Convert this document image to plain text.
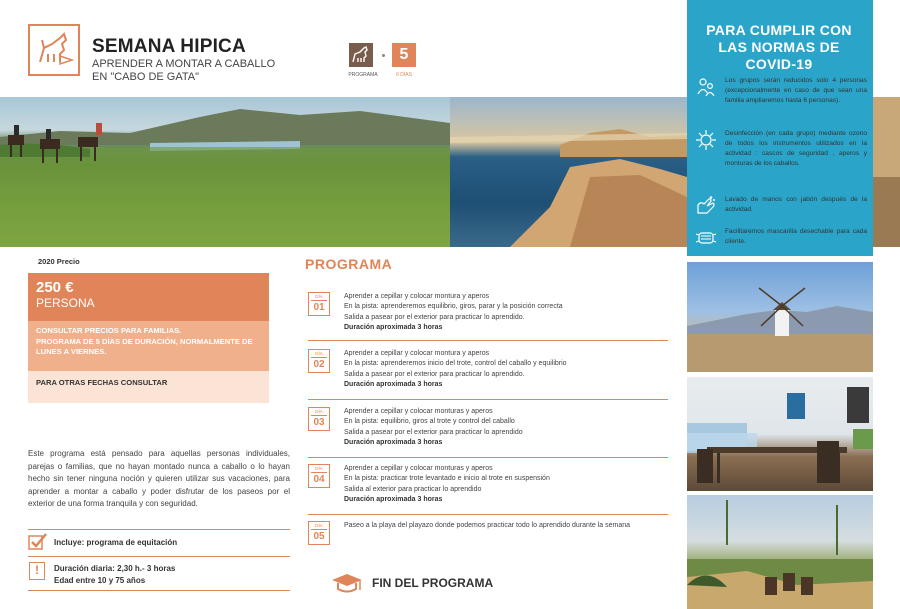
SEMANA HIPICA
APRENDER A MONTAR A CABALLO
EN "CABO DE GATA"	PROGRAMA
5
6 DÍAS
PARA CUMPLIR CON LAS NORMAS DE COVID-19
Los grupos serán reducidos solo 4 personas (excepcionalmente en caso de que sean una familia ampliaremos hasta 6 personas).
Desinfección (en cada grupo) mediante ozono de todos los instrumentos utilizados en la actividad : cascos de seguridad , aperos y monturas de los caballos.
Lavado de manos con jabón después de la actividad.
Facilitaremos mascarilla desechable para cada cliente.
2020 Precio
250 €
PERSONA
CONSULTAR PRECIOS PARA FAMILIAS.
PROGRAMA DE 5 DÍAS DE DURACIÓN, NORMALMENTE DE LUNES A VIERNES.
PARA OTRAS FECHAS CONSULTAR
Este programa está pensado para aquellas personas individuales, parejas o familias, que no hayan montado nunca a caballo o lo hayan hecho sin tener ninguna noción y quieren utilizar sus vacaciones, para aprender a montar a caballo y poder disfrutar de los paseos por el exterior de una forma tranquila y con seguridad.
Incluye: programa de equitación
!	Duración diaria: 2,30 h.- 3 horas
Edad entre 10 y 75 años
PROGRAMA
DÍA
01
Aprender a cepillar y colocar montura y aperos
En la pista: aprenderemos equilibrio, giros, parar y la posición correcta
Salida a pasear por el exterior para practicar lo aprendido.
Duración aproximada 3 horas
DÍA
02
Aprender a cepillar y colocar montura y aperos
En la pista: aprenderemos inicio del trote, control del caballo y equilibrio
Salida a pasear por el exterior para practicar lo aprendido.
Duración aproximada 3 horas
DÍA
03
Aprender a cepillar y colocar monturas y aperos
En la pista: equilibrio, giros al trote y control del caballo
Salida a pasear por el exterior para practicar lo aprendido
Duración aproximada 3 horas
DÍA
04
Aprender a cepillar y colocar monturas y aperos
En la pista: practicar trote levantado e inicio al trote en suspensión
Salida al exterior para practicar lo aprendido
Duración aproximada 3 horas
DÍA
05
Paseo a la playa del playazo donde podemos practicar todo lo aprendido durante la semana
FIN DEL PROGRAMA
